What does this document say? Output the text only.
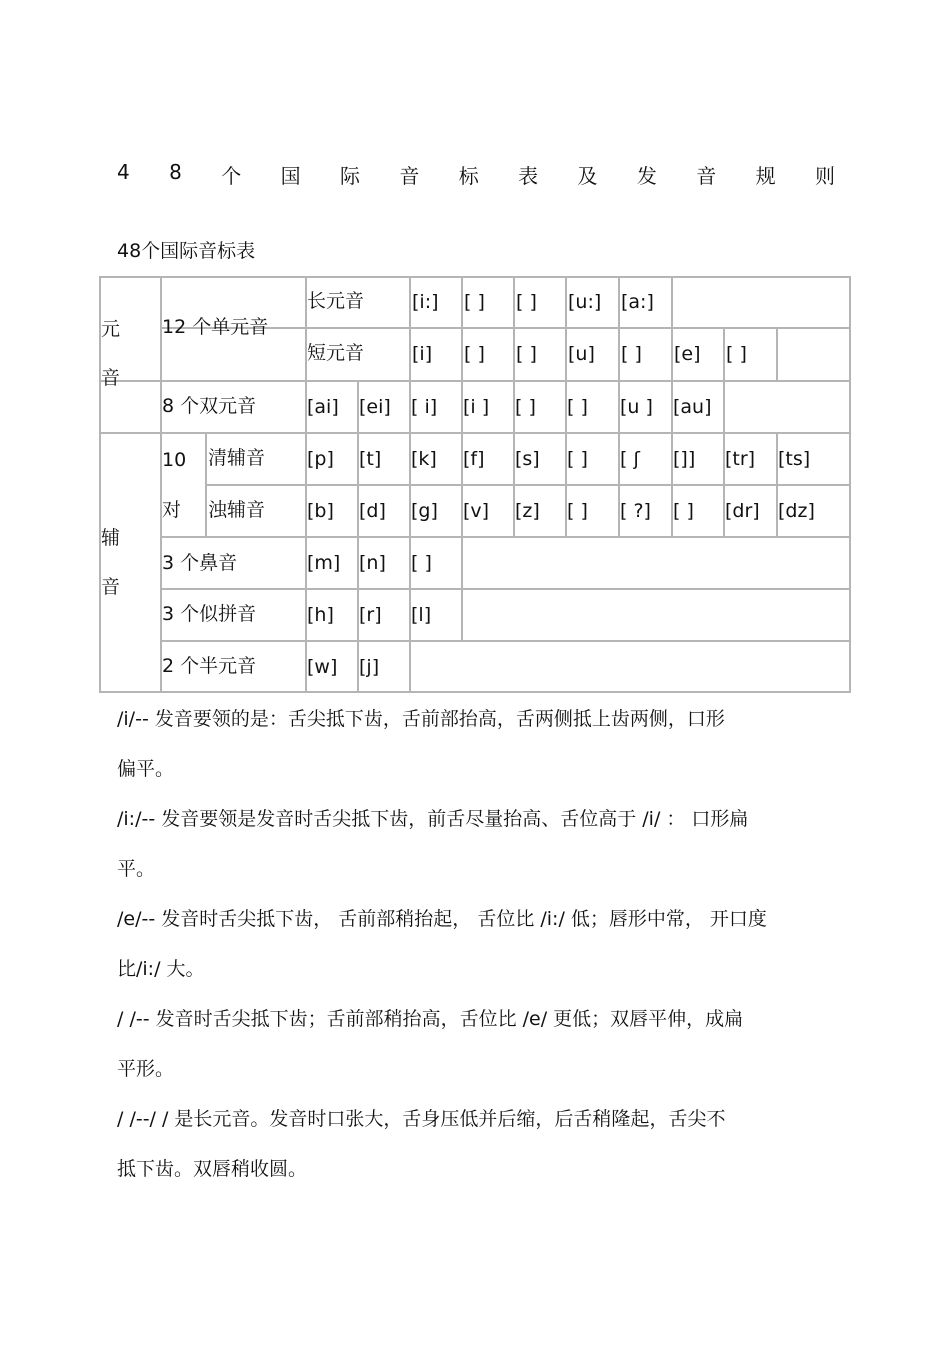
4 8 个 国 际 音 标 表 及 发 音 规 则
48个国际音标表
元
音
12 个单元音
长元音
短元音
8 个双元音
辅
音
10
对
清辅音
浊辅音
3 个鼻音
3 个似拼音
2 个半元音
[i:] [ ] [ ] [u:] [a:]
[i] [ ] [ ] [u] [ ] [e] [ ]
[ai] [ei] [ i] [i ] [ ] [ ] [u ] [au]
[p] [t] [k] [f] [s] [ ] [ ʃ []] [tr] [ts]
[b] [d] [g] [v] [z] [ ] [ ?] [ ] [dr] [dz]
[m] [n] [ ]
[h] [r] [l]
[w] [j]
/i/-- 发音要领的是：舌尖抵下齿，舌前部抬高，舌两侧抵上齿两侧，口形
偏平。
/i:/-- 发音要领是发音时舌尖抵下齿，前舌尽量抬高、舌位高于 /i/ ： 口形扁
平。
/e/-- 发音时舌尖抵下齿， 舌前部稍抬起， 舌位比 /i:/ 低；唇形中常， 开口度
比/i:/ 大。
/ /-- 发音时舌尖抵下齿；舌前部稍抬高，舌位比 /e/ 更低；双唇平伸，成扁
平形。
/ /--/ / 是长元音。发音时口张大，舌身压低并后缩，后舌稍隆起，舌尖不
抵下齿。双唇稍收圆。
